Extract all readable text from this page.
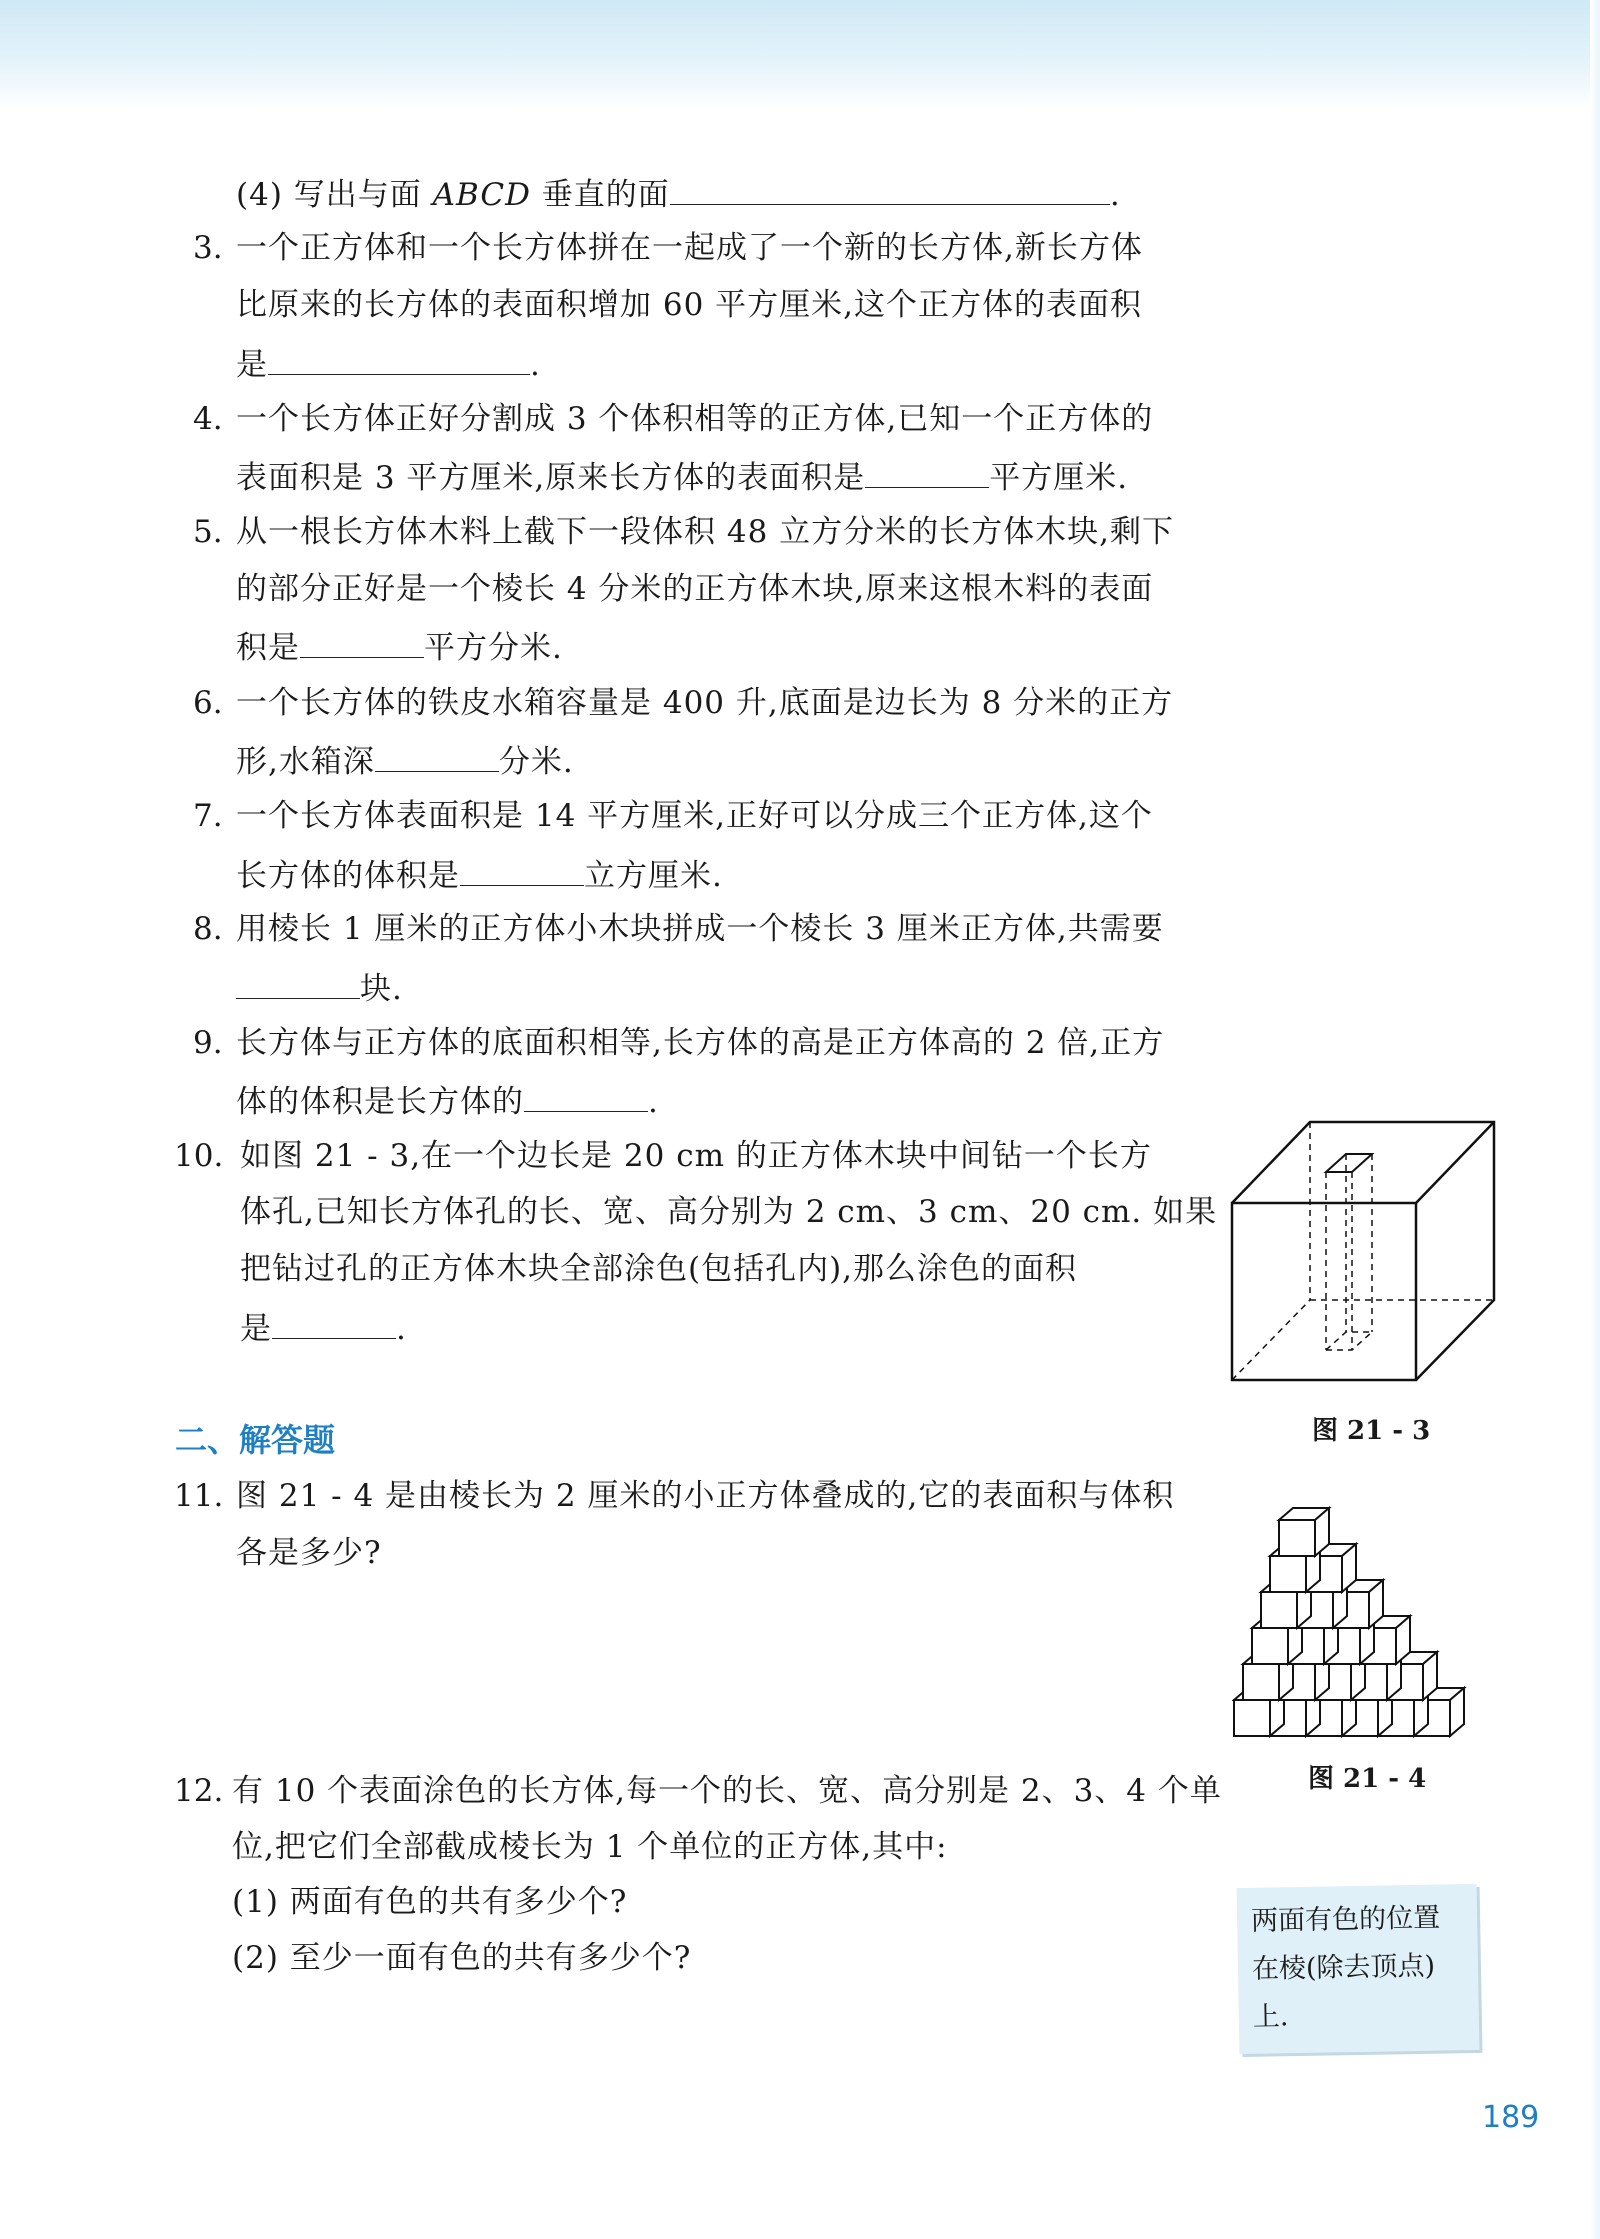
(4) 写出与面 ABCD 垂直的面	.
3. 一个正方体和一个长方体拼在一起成了一个新的长方体,新长方体
比原来的长方体的表面积增加 60 平方厘米,这个正方体的表面积
是	.
4. 一个长方体正好分割成 3 个体积相等的正方体,已知一个正方体的
表面积是 3 平方厘米,原来长方体的表面积是	平方厘米.
5. 从一根长方体木料上截下一段体积 48 立方分米的长方体木块,剩下
的部分正好是一个棱长 4 分米的正方体木块,原来这根木料的表面
积是	平方分米.
6. 一个长方体的铁皮水箱容量是 400 升,底面是边长为 8 分米的正方
形,水箱深	分米.
7. 一个长方体表面积是 14 平方厘米,正好可以分成三个正方体,这个
长方体的体积是	立方厘米.
8. 用棱长 1 厘米的正方体小木块拼成一个棱长 3 厘米正方体,共需要
块.
9. 长方体与正方体的底面积相等,长方体的高是正方体高的 2 倍,正方
体的体积是长方体的	.
10. 如图 21 - 3,在一个边长是 20 cm 的正方体木块中间钻一个长方
体孔,已知长方体孔的长、宽、高分别为 2 cm、3 cm、20 cm. 如果
把钻过孔的正方体木块全部涂色(包括孔内),那么涂色的面积
是	.
二、解答题
11. 图 21 - 4 是由棱长为 2 厘米的小正方体叠成的,它的表面积与体积
各是多少?
12. 有 10 个表面涂色的长方体,每一个的长、宽、高分别是 2、3、4 个单
位,把它们全部截成棱长为 1 个单位的正方体,其中:
(1) 两面有色的共有多少个?
(2) 至少一面有色的共有多少个?
图 21 - 3
图 21 - 4
两面有色的位置
在棱(除去顶点)
上.
189
